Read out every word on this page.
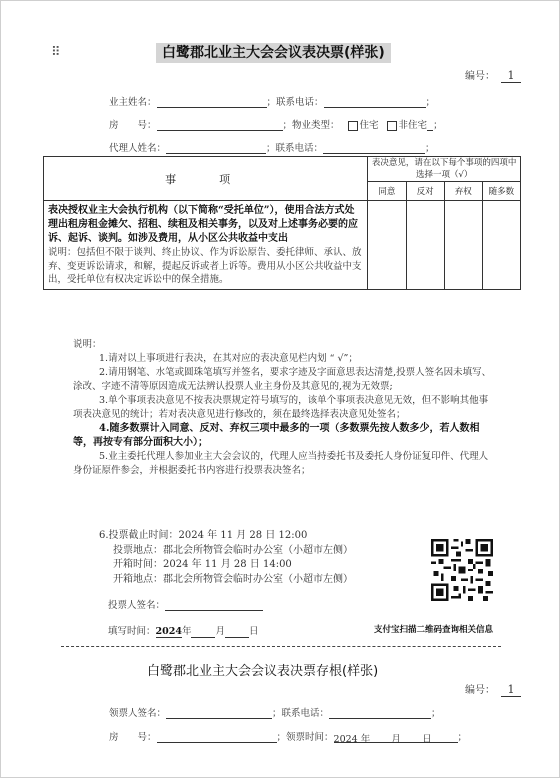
⠿	白鹭郡北业主大会会议表决票(样张)
编号： 1
业主姓名：	；联系电话：	；
房　　号：	；物业类型： 住宅 非住宅 ；
代理人姓名：	；联系电话：	；
事　项	表决意见，请在以下每个事项的四项中选择一项（√）			
	同意	反对	弃权	随多数

表决授权业主大会执行机构（以下简称“受托单位”），使用合法方式处理出租房租金摊欠、招租、续租及相关事务，以及对上述事务必要的应诉、起诉、谈判。如涉及费用，从小区公共收益中支出
说明：包括但不限于谈判、终止协议、作为诉讼原告、委托律师、承认、放弃、变更诉讼请求，和解，提起反诉或者上诉等。费用从小区公共收益中支出，受托单位有权决定诉讼中的保全措施。				

说明：

1.请对以上事项进行表决，在其对应的表决意见栏内划 “ √”；

2.请用钢笔、水笔或圆珠笔填写并签名，要求字迹及字面意思表达清楚,投票人签名因未填写、涂改、字迹不清等原因造成无法辨认投票人业主身份及其意见的,视为无效票;

3.单个事项表决意见不按表决票规定符号填写的，该单个事项表决意见无效，但不影响其他事项表决意见的统计；若对表决意见进行修改的，须在最终选择表决意见处签名；

4.随多数票计入同意、反对、弃权三项中最多的一项（多数票先按人数多少，若人数相等，再按专有部分面积大小）；

5.业主委托代理人参加业主大会会议的，代理人应当持委托书及委托人身份证复印件、代理人身份证原件参会，并根据委托书内容进行投票表决签名；

6.投票截止时间：2024 年 11 月 28 日 12:00
投票地点：郡北会所物管会临时办公室（小超市左侧）
开箱时间：2024 年 11 月 28 日 14:00
开箱地点：郡北会所物管会临时办公室（小超市左侧）
投票人签名：
填写时间：2024年	月	日	支付宝扫描二维码查询相关信息
白鹭郡北业主大会会议表决票存根(样张)
编号： 1
领票人签名：	；联系电话：	；
房　　号：	；领票时间：2024 年 月 日	；
